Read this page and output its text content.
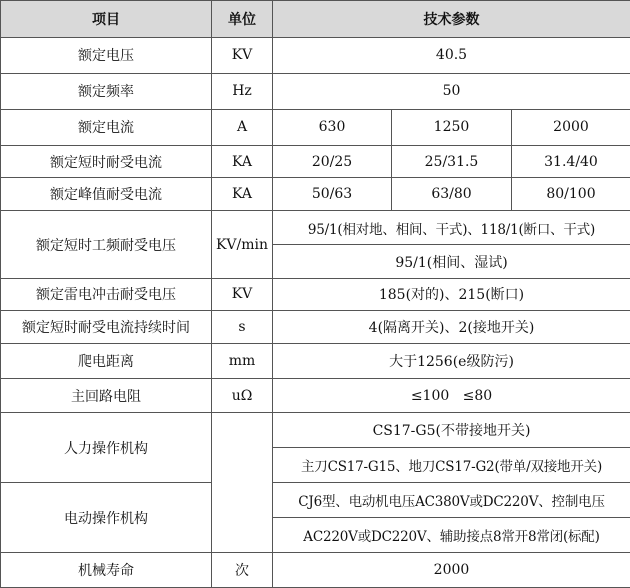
项目	单位	技术参数		
额定电压	KV	40.5		
额定频率	Hz	50		
额定电流	A	630	1250	2000
额定短时耐受电流	KA	20/25	25/31.5	31.4/40
额定峰值耐受电流	KA	50/63	63/80	80/100
额定短时工频耐受电压	KV/min	95/1(相对地、相间、干式)、118/1(断口、干式)		
		95/1(相间、湿试)		
额定雷电冲击耐受电压	KV	185(对的)、215(断口)		
额定短时耐受电流持续时间	s	4(隔离开关)、2(接地开关)		
爬电距离	mm	大于1256(e级防污)		
主回路电阻	uΩ	≤100   ≤80		
人力操作机构		CS17-G5(不带接地开关)		
		主刀CS17-G15、地刀CS17-G2(带单/双接地开关)		
电动操作机构		CJ6型、电动机电压AC380V或DC220V、控制电压		
		AC220V或DC220V、辅助接点8常开8常闭(标配)		
机械寿命	次	2000		
